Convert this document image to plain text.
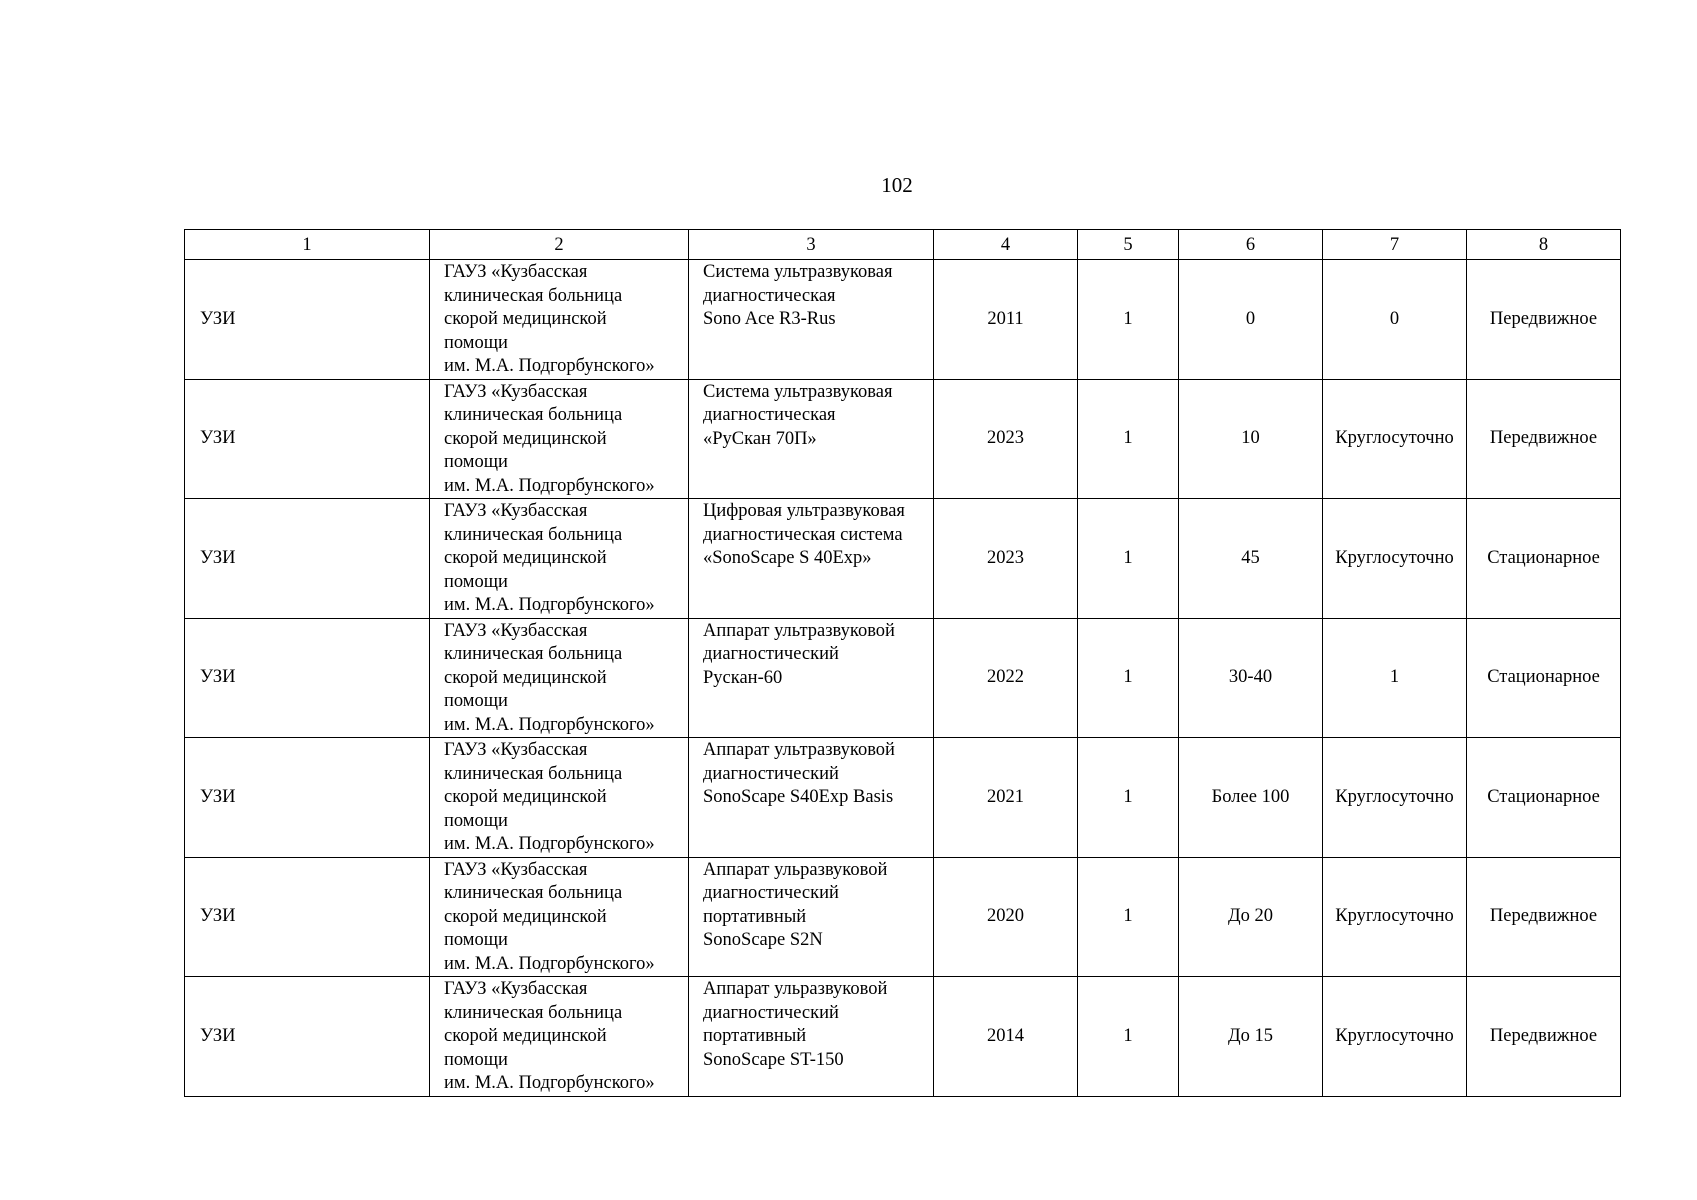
102
1	2	3	4	5	6	7	8
УЗИ	ГАУЗ «Кузбасская
клиническая больница
скорой медицинской
помощи
им. М.А. Подгорбунского»	Система ультразвуковая
диагностическая
Sono Ace R3-Rus	2011	1	0	0	Передвижное
УЗИ	ГАУЗ «Кузбасская
клиническая больница
скорой медицинской
помощи
им. М.А. Подгорбунского»	Система ультразвуковая
диагностическая
«РуСкан 70П»	2023	1	10	Круглосуточно	Передвижное
УЗИ	ГАУЗ «Кузбасская
клиническая больница
скорой медицинской
помощи
им. М.А. Подгорбунского»	Цифровая ультразвуковая
диагностическая система
«SonoScape S 40Exp»	2023	1	45	Круглосуточно	Стационарное
УЗИ	ГАУЗ «Кузбасская
клиническая больница
скорой медицинской
помощи
им. М.А. Подгорбунского»	Аппарат ультразвуковой
диагностический
Рускан-60	2022	1	30-40	1	Стационарное
УЗИ	ГАУЗ «Кузбасская
клиническая больница
скорой медицинской
помощи
им. М.А. Подгорбунского»	Аппарат ультразвуковой
диагностический
SonoScape S40Exp Basis	2021	1	Более 100	Круглосуточно	Стационарное
УЗИ	ГАУЗ «Кузбасская
клиническая больница
скорой медицинской
помощи
им. М.А. Подгорбунского»	Аппарат ульразвуковой
диагностический
портативный
SonoScape S2N	2020	1	До 20	Круглосуточно	Передвижное
УЗИ	ГАУЗ «Кузбасская
клиническая больница
скорой медицинской
помощи
им. М.А. Подгорбунского»	Аппарат ульразвуковой
диагностический
портативный
SonoScape ST-150	2014	1	До 15	Круглосуточно	Передвижное
